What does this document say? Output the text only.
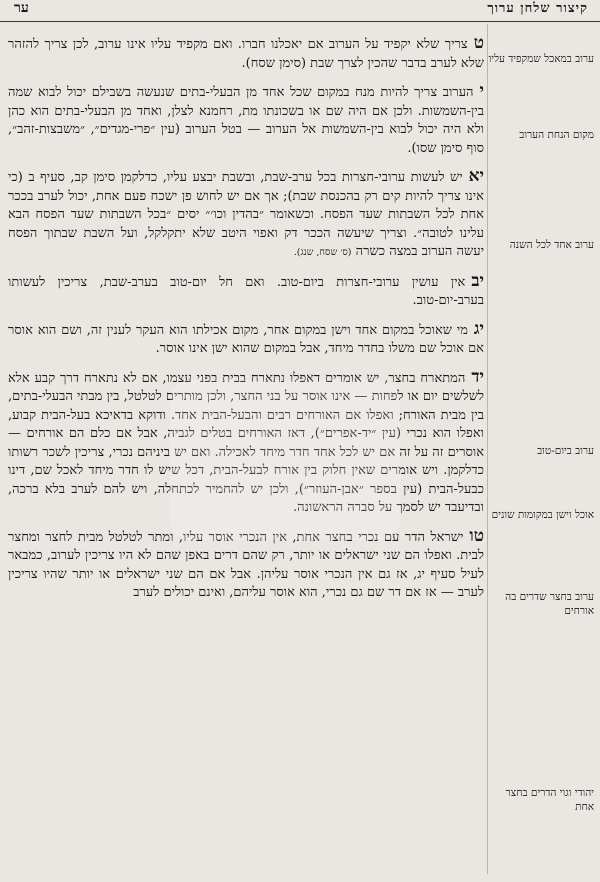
קיצור שלחן ערוך
ער
ערוב במאכל שמקפיד עליו
מקום הנחת הערוב
ערוב אחד לכל השנה
ערוב ביום-טוב
אוכל וישן במקומות שונים
ערוב בחצר שדרים בה אורחים
יהודי וגוי הדרים בחצר אחת

טצריך שלא יקפיד על הערוב אם יאכלנו חברו. ואם מקפיד עליו אינו ערוב, לכן צריך להזהר שלא לערב בדבר שהכין לצרך שבת (סימן שסח).

יהערוב צריך להיות מנח במקום שכל אחד מן הבעלי-בתים שנעשה בשבילם יכול לבוא שמה בין-השמשות. ולכן אם היה שם או בשכונתו מת, רחמנא לצלן, ואחד מן הבעלי-בתים הוא כהן ולא היה יכול לבוא בין-השמשות אל הערוב — בטל הערוב (עין ״פרי-מגדים״, ״משבצות-זהב״, סוף סימן שסו).

יאיש לעשות ערובי-חצרות בכל ערב-שבת, ובשבת יבצע עליו, כדלקמן סימן קב, סעיף ב (כי אינו צריך להיות קים רק בהכנסת שבת); אך אם יש לחוש פן ישכח פעם אחת, יכול לערב בככר אחת לכל השבתות שעד הפסח. וכשאומר ״בהדין וכו׳״ יסים ״בכל השבתות שעד הפסח הבא עלינו לטובה״. וצריך שיעשה הככר דק ואפוי היטב שלא יתקלקל, ועל השבת שבתוך הפסח יעשה הערוב במצה כשרה (ס׳ שסח, שנג).

יבאין עושין ערובי-חצרות ביום-טוב. ואם חל יום-טוב בערב-שבת, צריכין לעשותו בערב-יום-טוב.

יגמי שאוכל במקום אחד וישן במקום אחר, מקום אכילתו הוא העקר לענין זה, ושם הוא אוסר אם אוכל שם משלו בחדר מיחד, אבל במקום שהוא ישן אינו אוסר.

ידהמתארח בחצר, יש אומרים דאפלו נתארח בבית בפני עצמו, אם לא נתארח דרך קבע אלא לשלשים יום או לפחות — אינו אוסר על בני החצר, ולכן מותרים לטלטל, בין מבתי הבעלי-בתים, בין מבית האורח; ואפלו אם האורחים רבים והבעל-הבית אחד. ודוקא בדאיכא בעל-הבית קבוע, ואפלו הוא נכרי (עין ״יד-אפרים״), דאז האורחים בטלים לגביה, אבל אם כלם הם אורחים — אוסרים זה על זה אם יש לכל אחד חדר מיחד לאכילה. ואם יש ביניהם נכרי, צריכין לשכר רשותו כדלקמן. ויש אומרים שאין חלוק בין אורח לבעל-הבית, דכל שיש לו חדר מיחד לאכל שם, דינו כבעל-הבית (עין בספר ״אבן-העוזר״), ולכן יש להחמיר לכתחלה, ויש להם לערב בלא ברכה, ובדיעבד יש לסמך על סברה הראשונה.

טוישראל הדר עם נכרי בחצר אחת, אין הנכרי אוסר עליו, ומתר לטלטל מבית לחצר ומחצר לבית. ואפלו הם שני ישראלים או יותר, רק שהם דרים באפן שהם לא היו צריכין לערוב, כמבאר לעיל סעיף יג, אז גם אין הנכרי אוסר עליהן. אבל אם הם שני ישראלים או יותר שהיו צריכין לערב — אז אם דר שם גם נכרי, הוא אוסר עליהם, ואינם יכולים לערב
